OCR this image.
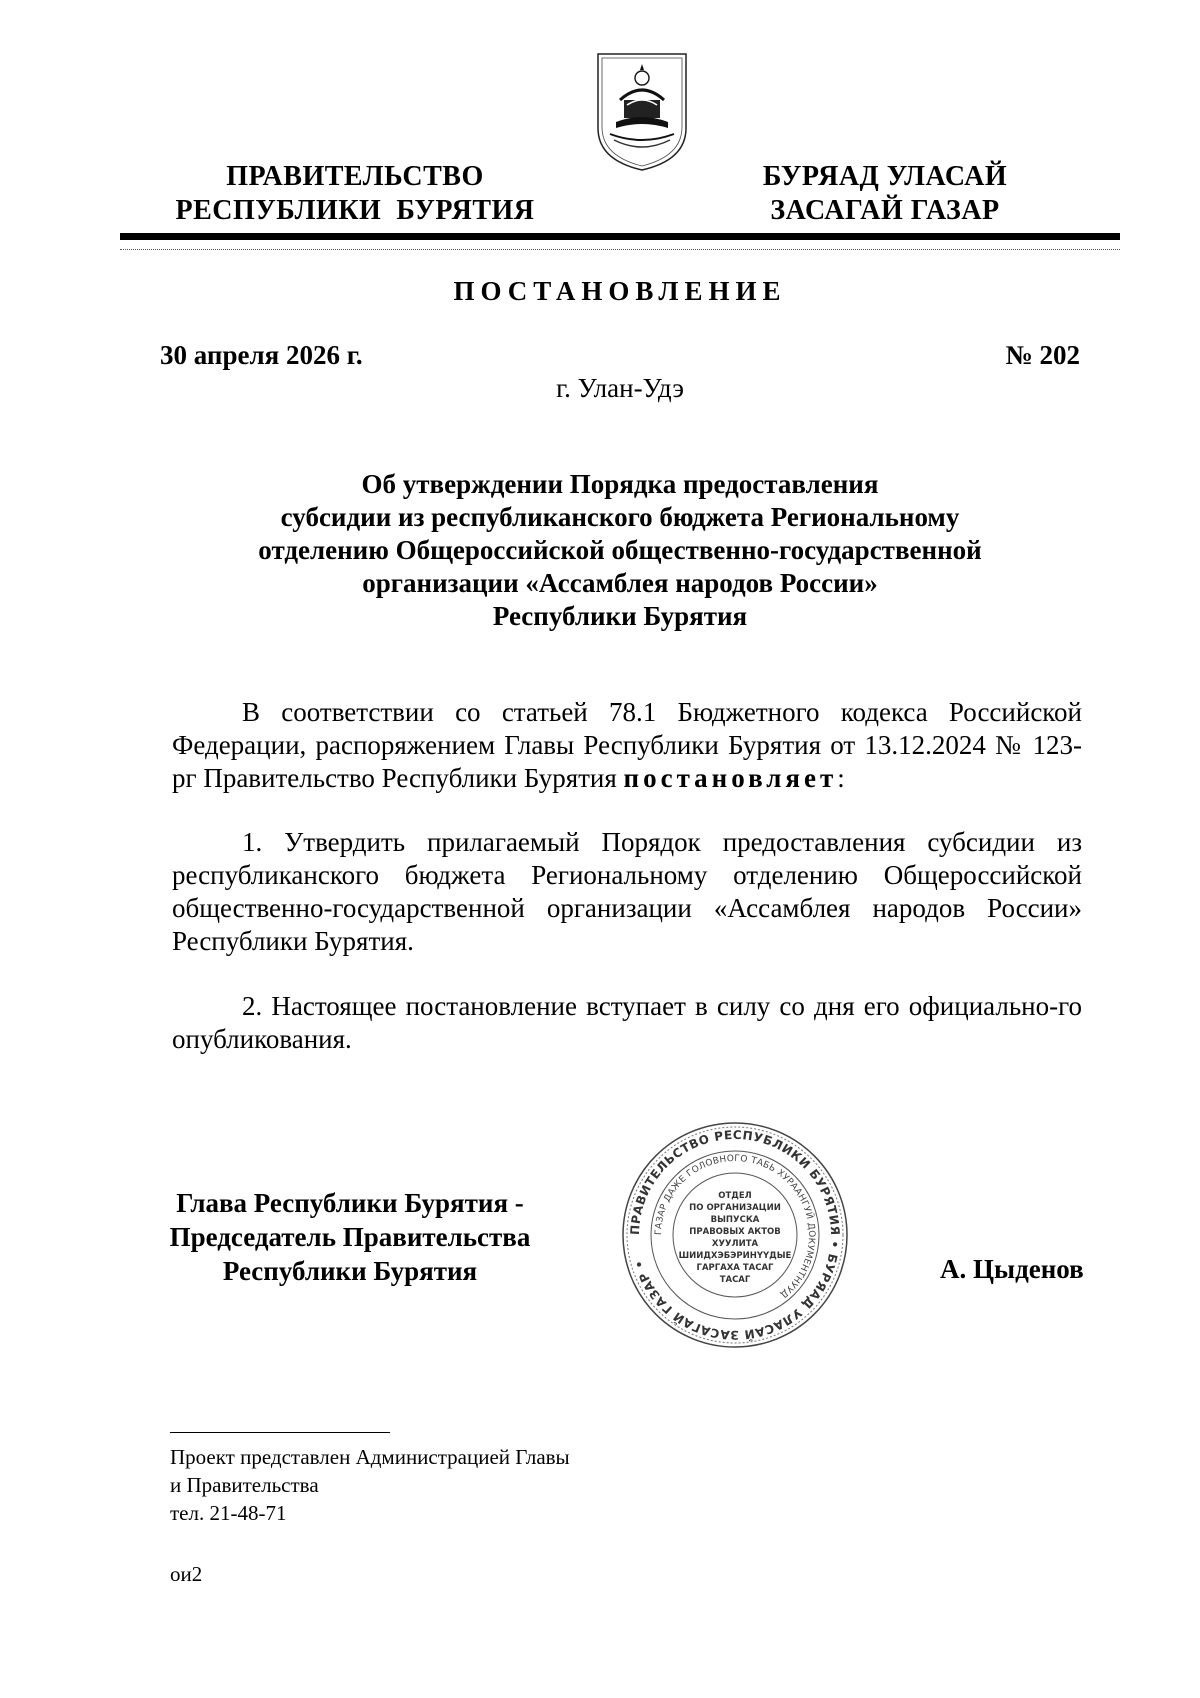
ПРАВИТЕЛЬСТВО
РЕСПУБЛИКИ  БУРЯТИЯ
БУРЯАД УЛАСАЙ
ЗАСАГАЙ ГАЗАР
ПОСТАНОВЛЕНИЕ
30 апреля 2026 г.	№ 202
г. Улан-Удэ
Об утверждении Порядка предоставления
субсидии из республиканского бюджета Региональному
отделению Общероссийской общественно-государственной
организации «Ассамблея народов России»
Республики Бурятия

В соответствии со статьей 78.1 Бюджетного кодекса Российской Федерации, распоряжением Главы Республики Бурятия от 13.12.2024 № 123-рг Правительство Республики Бурятия постановляет:

1. Утвердить прилагаемый Порядок предоставления субсидии из республиканского бюджета Региональному отделению Общероссийской общественно-государственной организации «Ассамблея народов России» Республики Бурятия.

2. Настоящее постановление вступает в силу со дня его официально-го опубликования.

Глава Республики Бурятия -
Председатель Правительства
Республики Бурятия
ПРАВИТЕЛЬСТВО РЕСПУБЛИКИ БУРЯТИЯ • БУРЯАД УЛАСАЙ ЗАСАГАЙ ГАЗАР •
ГАЗАР ДАЖЕ ГОЛОВНОГО ТАБЬ ХУРААНГУЙ ДОКУМЕНТНУУД
ОТДЕЛ
ПО ОРГАНИЗАЦИИ
ВЫПУСКА
ПРАВОВЫХ АКТОВ
ХУУЛИТА
ШИИДХЭБЭРИНҮҮДЫЕ
ГАРГАХА ТАСАГ
ТАСАГ	А. Цыденов
Проект представлен Администрацией Главы
и Правительства
тел. 21-48-71
ои2
